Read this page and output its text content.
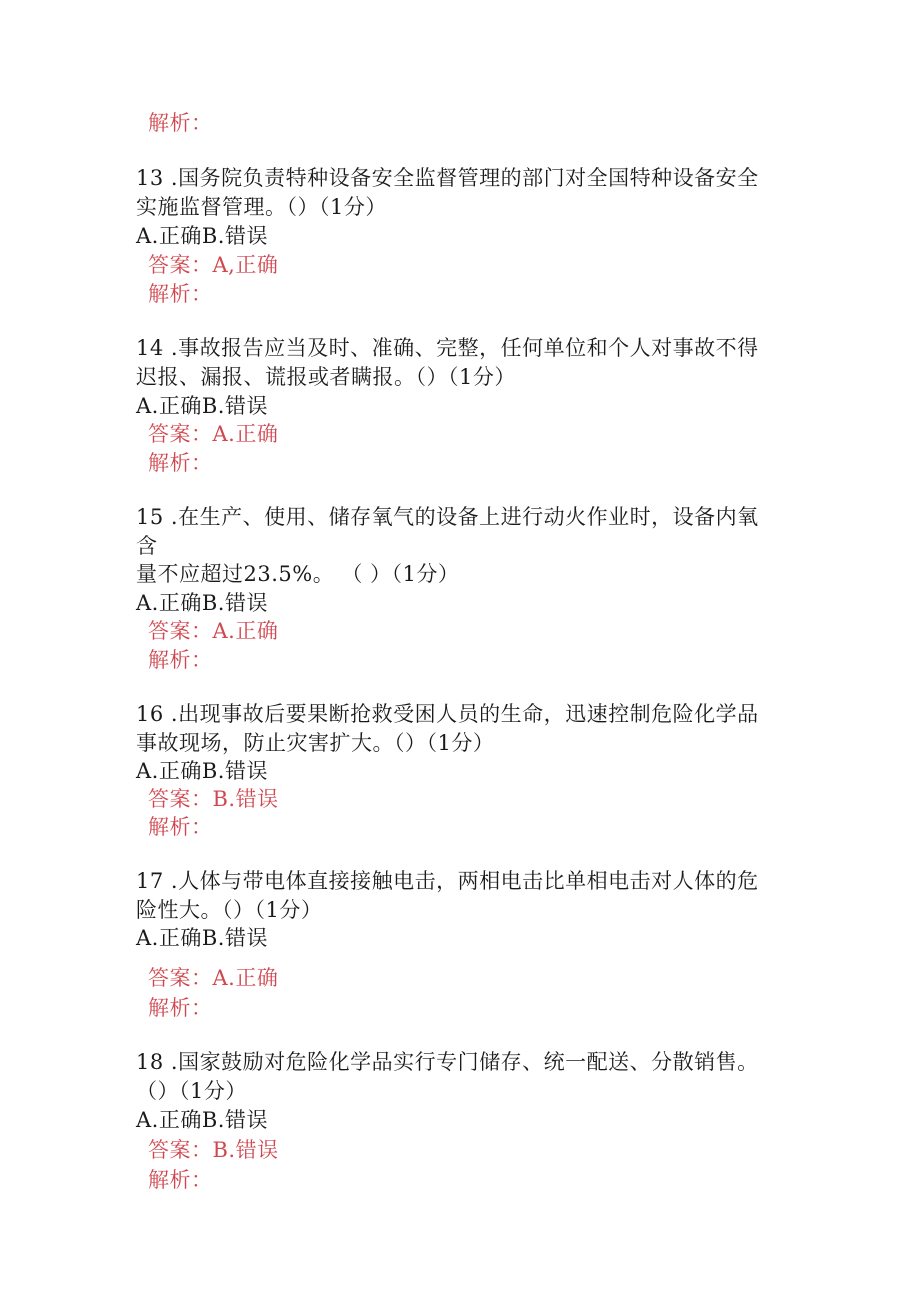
解析：
13 .国务院负责特种设备安全监督管理的部门对全国特种设备安全
实施监督管理。（）（1分）
A.正确B.错误
答案：A,正确
解析：
14 .事故报告应当及时、准确、完整，任何单位和个人对事故不得
迟报、漏报、谎报或者瞒报。（）（1分）
A.正确B.错误
答案：A.正确
解析：
15 .在生产、使用、储存氧气的设备上进行动火作业时，设备内氧
含
量不应超过23.5%。 （ ）（1分）
A.正确B.错误
答案：A.正确
解析：
16 .出现事故后要果断抢救受困人员的生命，迅速控制危险化学品
事故现场，防止灾害扩大。（）（1分）
A.正确B.错误
答案：B.错误
解析：
17 .人体与带电体直接接触电击，两相电击比单相电击对人体的危
险性大。（）（1分）
A.正确B.错误
答案：A.正确
解析：
18 .国家鼓励对危险化学品实行专门储存、统一配送、分散销售。
（）（1分）
A.正确B.错误
答案：B.错误
解析：
